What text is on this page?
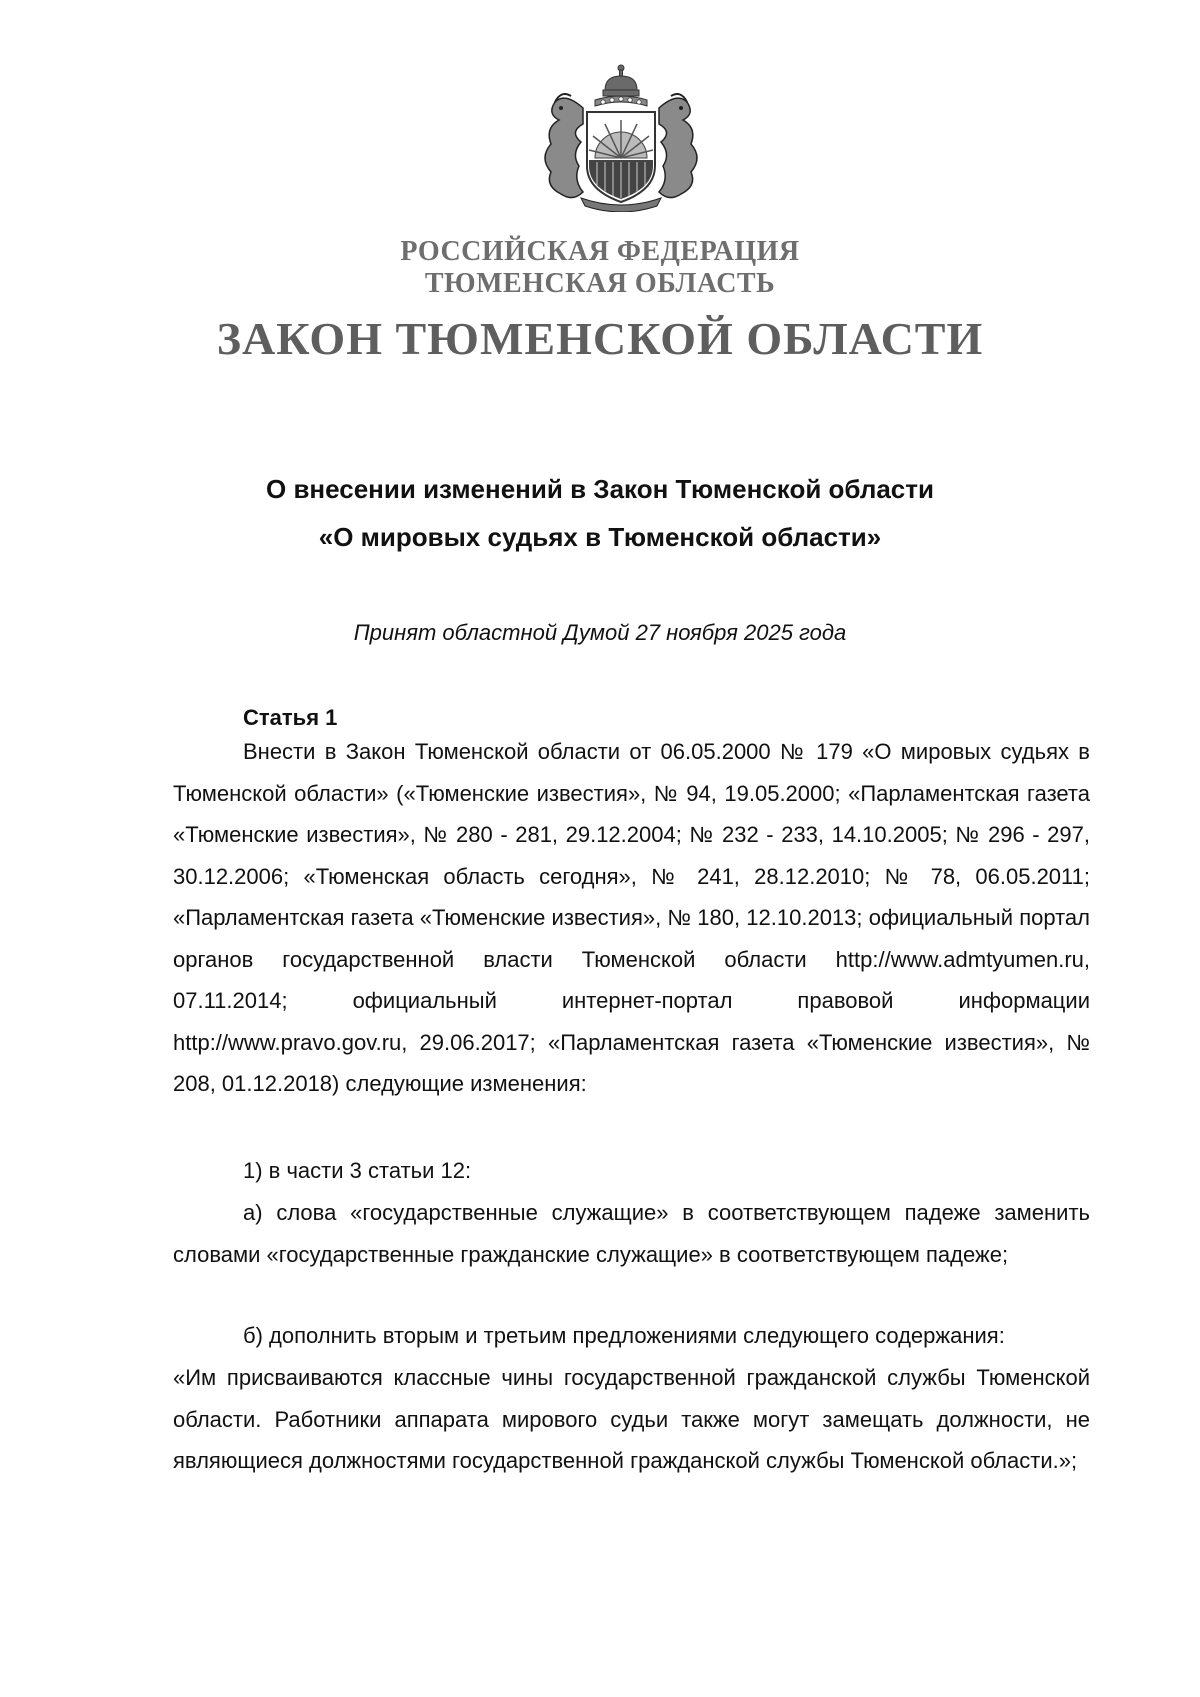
РОССИЙСКАЯ ФЕДЕРАЦИЯ
ТЮМЕНСКАЯ ОБЛАСТЬ
ЗАКОН ТЮМЕНСКОЙ ОБЛАСТИ
О внесении изменений в Закон Тюменской области
«О мировых судьях в Тюменской области»
Принят областной Думой 27 ноября 2025 года
Статья 1

Внести в Закон Тюменской области от 06.05.2000 № 179 «О мировых судьях в Тюменской области» («Тюменские известия», № 94, 19.05.2000; «Парламентская газета «Тюменские известия», № 280 - 281, 29.12.2004; № 232 - 233, 14.10.2005; № 296 - 297, 30.12.2006; «Тюменская область сегодня», № 241, 28.12.2010; № 78, 06.05.2011; «Парламентская газета «Тюменские известия», № 180, 12.10.2013; официальный портал органов государственной власти Тюменской области http://www.admtyumen.ru, 07.11.2014; официальный интернет-портал правовой информации http://www.pravo.gov.ru, 29.06.2017; «Парламентская газета «Тюменские известия», № 208, 01.12.2018) следующие изменения:

1) в части 3 статьи 12:

а) слова «государственные служащие» в соответствующем падеже заменить словами «государственные гражданские служащие» в соответствующем падеже;

б) дополнить вторым и третьим предложениями следующего содержания:

«Им присваиваются классные чины государственной гражданской службы Тюменской области. Работники аппарата мирового судьи также могут замещать должности, не являющиеся должностями государственной гражданской службы Тюменской области.»;
